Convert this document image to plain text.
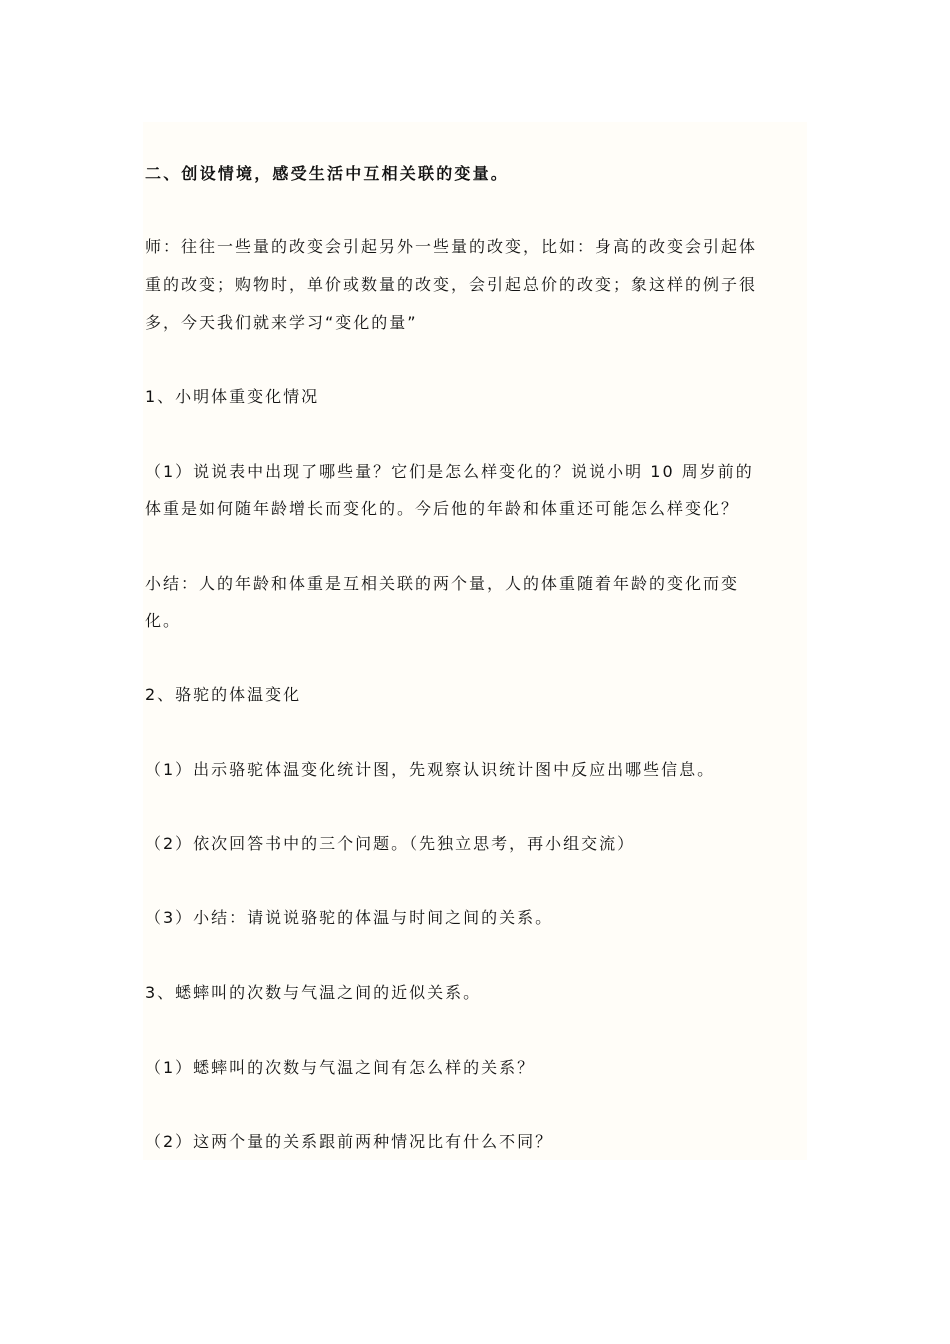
二、创设情境，感受生活中互相关联的变量。
师：往往一些量的改变会引起另外一些量的改变，比如：身高的改变会引起体
重的改变；购物时，单价或数量的改变，会引起总价的改变；象这样的例子很
多，今天我们就来学习“变化的量”
1、小明体重变化情况
（1）说说表中出现了哪些量？它们是怎么样变化的？说说小明 10 周岁前的
体重是如何随年龄增长而变化的。今后他的年龄和体重还可能怎么样变化？
小结：人的年龄和体重是互相关联的两个量，人的体重随着年龄的变化而变
化。
2、骆驼的体温变化
（1）出示骆驼体温变化统计图，先观察认识统计图中反应出哪些信息。
（2）依次回答书中的三个问题。（先独立思考，再小组交流）
（3）小结：请说说骆驼的体温与时间之间的关系。
3、蟋蟀叫的次数与气温之间的近似关系。
（1）蟋蟀叫的次数与气温之间有怎么样的关系？
（2）这两个量的关系跟前两种情况比有什么不同？
